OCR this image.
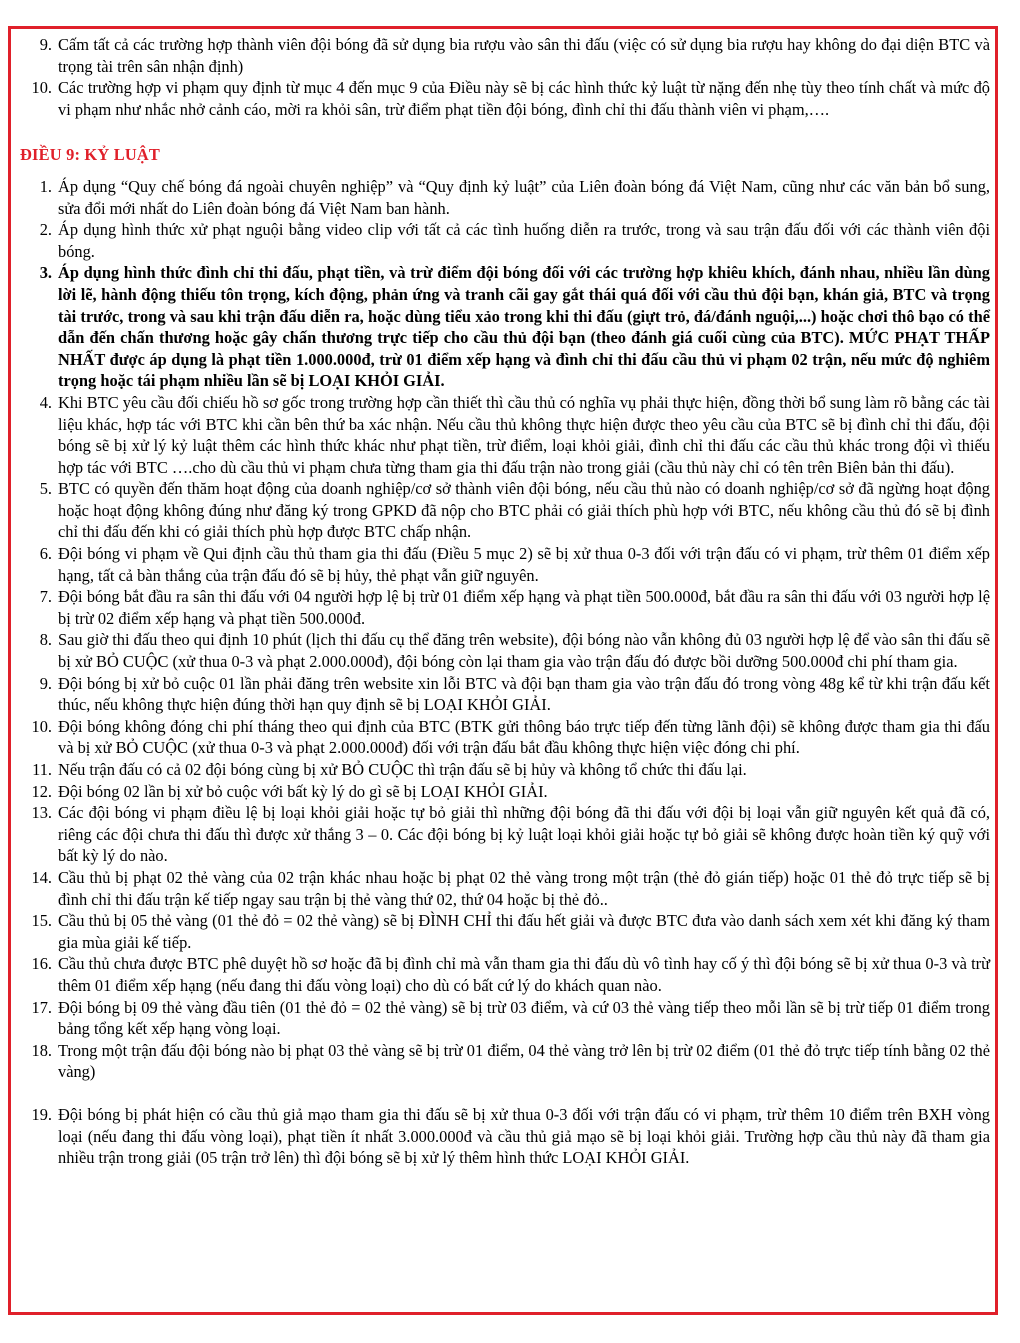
9. Cấm tất cả các trường hợp thành viên đội bóng đã sử dụng bia rượu vào sân thi đấu (việc có sử dụng bia rượu hay không do đại diện BTC và trọng tài trên sân nhận định)
10. Các trường hợp vi phạm quy định từ mục 4 đến mục 9 của Điều này sẽ bị các hình thức kỷ luật từ nặng đến nhẹ tùy theo tính chất và mức độ vi phạm như nhắc nhở cảnh cáo, mời ra khỏi sân, trừ điểm phạt tiền đội bóng, đình chỉ thi đấu thành viên vi phạm,….
ĐIỀU 9: KỶ LUẬT
1. Áp dụng “Quy chế bóng đá ngoài chuyên nghiệp” và “Quy định kỷ luật” của Liên đoàn bóng đá Việt Nam, cũng như các văn bản bổ sung, sửa đổi mới nhất do Liên đoàn bóng đá Việt Nam ban hành.
2. Áp dụng hình thức xử phạt nguội bằng video clip với tất cả các tình huống diễn ra trước, trong và sau trận đấu đối với các thành viên đội bóng.
3. Áp dụng hình thức đình chỉ thi đấu, phạt tiền, và trừ điểm đội bóng đối với các trường hợp khiêu khích, đánh nhau, nhiều lần dùng lời lẽ, hành động thiếu tôn trọng, kích động, phản ứng và tranh cãi gay gắt thái quá đối với cầu thủ đội bạn, khán giả, BTC và trọng tài trước, trong và sau khi trận đấu diễn ra, hoặc dùng tiểu xảo trong khi thi đấu (giựt trỏ, đá/đánh nguội,...) hoặc chơi thô bạo có thể dẫn đến chấn thương hoặc gây chấn thương trực tiếp cho cầu thủ đội bạn (theo đánh giá cuối cùng của BTC). MỨC PHẠT THẤP NHẤT được áp dụng là phạt tiền 1.000.000đ, trừ 01 điểm xếp hạng và đình chỉ thi đấu cầu thủ vi phạm 02 trận, nếu mức độ nghiêm trọng hoặc tái phạm nhiều lần sẽ bị LOẠI KHỎI GIẢI.
4. Khi BTC yêu cầu đối chiếu hồ sơ gốc trong trường hợp cần thiết thì cầu thủ có nghĩa vụ phải thực hiện, đồng thời bổ sung làm rõ bằng các tài liệu khác, hợp tác với BTC khi cần bên thứ ba xác nhận. Nếu cầu thủ không thực hiện được theo yêu cầu của BTC sẽ bị đình chỉ thi đấu, đội bóng sẽ bị xử lý kỷ luật thêm các hình thức khác như phạt tiền, trừ điểm, loại khỏi giải, đình chỉ thi đấu các cầu thủ khác trong đội vì thiếu hợp tác với BTC ….cho dù cầu thủ vi phạm chưa từng tham gia thi đấu trận nào trong giải (cầu thủ này chỉ có tên trên Biên bản thi đấu).
5. BTC có quyền đến thăm hoạt động của doanh nghiệp/cơ sở thành viên đội bóng, nếu cầu thủ nào có doanh nghiệp/cơ sở đã ngừng hoạt động hoặc hoạt động không đúng như đăng ký trong GPKD đã nộp cho BTC phải có giải thích phù hợp với BTC, nếu không cầu thủ đó sẽ bị đình chỉ thi đấu đến khi có giải thích phù hợp được BTC chấp nhận.
6. Đội bóng vi phạm về Qui định cầu thủ tham gia thi đấu (Điều 5 mục 2) sẽ bị xử thua 0-3 đối với trận đấu có vi phạm, trừ thêm 01 điểm xếp hạng, tất cả bàn thắng của trận đấu đó sẽ bị hủy, thẻ phạt vẫn giữ nguyên.
7. Đội bóng bắt đầu ra sân thi đấu với 04 người hợp lệ bị trừ 01 điểm xếp hạng và phạt tiền 500.000đ, bắt đầu ra sân thi đấu với 03 người hợp lệ bị trừ 02 điểm xếp hạng và phạt tiền 500.000đ.
8. Sau giờ thi đấu theo qui định 10 phút (lịch thi đấu cụ thể đăng trên website), đội bóng nào vẫn không đủ 03 người hợp lệ để vào sân thi đấu sẽ bị xử BỎ CUỘC (xử thua 0-3 và phạt 2.000.000đ), đội bóng còn lại tham gia vào trận đấu đó được bồi dưỡng 500.000đ chi phí tham gia.
9. Đội bóng bị xử bỏ cuộc 01 lần phải đăng trên website xin lỗi BTC và đội bạn tham gia vào trận đấu đó trong vòng 48g kể từ khi trận đấu kết thúc, nếu không thực hiện đúng thời hạn quy định sẽ bị LOẠI KHỎI GIẢI.
10. Đội bóng không đóng chi phí tháng theo qui định của BTC (BTK gửi thông báo trực tiếp đến từng lãnh đội) sẽ không được tham gia thi đấu và bị xử BỎ CUỘC (xử thua 0-3 và phạt 2.000.000đ) đối với trận đấu bắt đầu không thực hiện việc đóng chi phí.
11. Nếu trận đấu có cả 02 đội bóng cùng bị xử BỎ CUỘC thì trận đấu sẽ bị hủy và không tổ chức thi đấu lại.
12. Đội bóng 02 lần bị xử bỏ cuộc với bất kỳ lý do gì sẽ bị LOẠI KHỎI GIẢI.
13. Các đội bóng vi phạm điều lệ bị loại khỏi giải hoặc tự bỏ giải thì những đội bóng đã thi đấu với đội bị loại vẫn giữ nguyên kết quả đã có, riêng các đội chưa thi đấu thì được xử thắng 3 – 0. Các đội bóng bị kỷ luật loại khỏi giải hoặc tự bỏ giải sẽ không được hoàn tiền ký quỹ với bất kỳ lý do nào.
14. Cầu thủ bị phạt 02 thẻ vàng của 02 trận khác nhau hoặc bị phạt 02 thẻ vàng trong một trận (thẻ đỏ gián tiếp) hoặc 01 thẻ đỏ trực tiếp sẽ bị đình chỉ thi đấu trận kế tiếp ngay sau trận bị thẻ vàng thứ 02, thứ 04 hoặc bị thẻ đỏ..
15. Cầu thủ bị 05 thẻ vàng (01 thẻ đỏ = 02 thẻ vàng) sẽ bị ĐÌNH CHỈ thi đấu hết giải và được BTC đưa vào danh sách xem xét khi đăng ký tham gia mùa giải kế tiếp.
16. Cầu thủ chưa được BTC phê duyệt hồ sơ hoặc đã bị đình chỉ mà vẫn tham gia thi đấu dù vô tình hay cố ý thì đội bóng sẽ bị xử thua 0-3 và trừ thêm 01 điểm xếp hạng (nếu đang thi đấu vòng loại) cho dù có bất cứ lý do khách quan nào.
17. Đội bóng bị 09 thẻ vàng đầu tiên (01 thẻ đỏ = 02 thẻ vàng) sẽ bị trừ 03 điểm, và cứ 03 thẻ vàng tiếp theo mỗi lần sẽ bị trừ tiếp 01 điểm trong bảng tổng kết xếp hạng vòng loại.
18. Trong một trận đấu đội bóng nào bị phạt 03 thẻ vàng sẽ bị trừ 01 điểm, 04 thẻ vàng trở lên bị trừ 02 điểm (01 thẻ đỏ trực tiếp tính bằng 02 thẻ vàng)
19. Đội bóng bị phát hiện có cầu thủ giả mạo tham gia thi đấu sẽ bị xử thua 0-3 đối với trận đấu có vi phạm, trừ thêm 10 điểm trên BXH vòng loại (nếu đang thi đấu vòng loại), phạt tiền ít nhất 3.000.000đ và cầu thủ giả mạo sẽ bị loại khỏi giải. Trường hợp cầu thủ này đã tham gia nhiều trận trong giải (05 trận trở lên) thì đội bóng sẽ bị xử lý thêm hình thức LOẠI KHỎI GIẢI.
